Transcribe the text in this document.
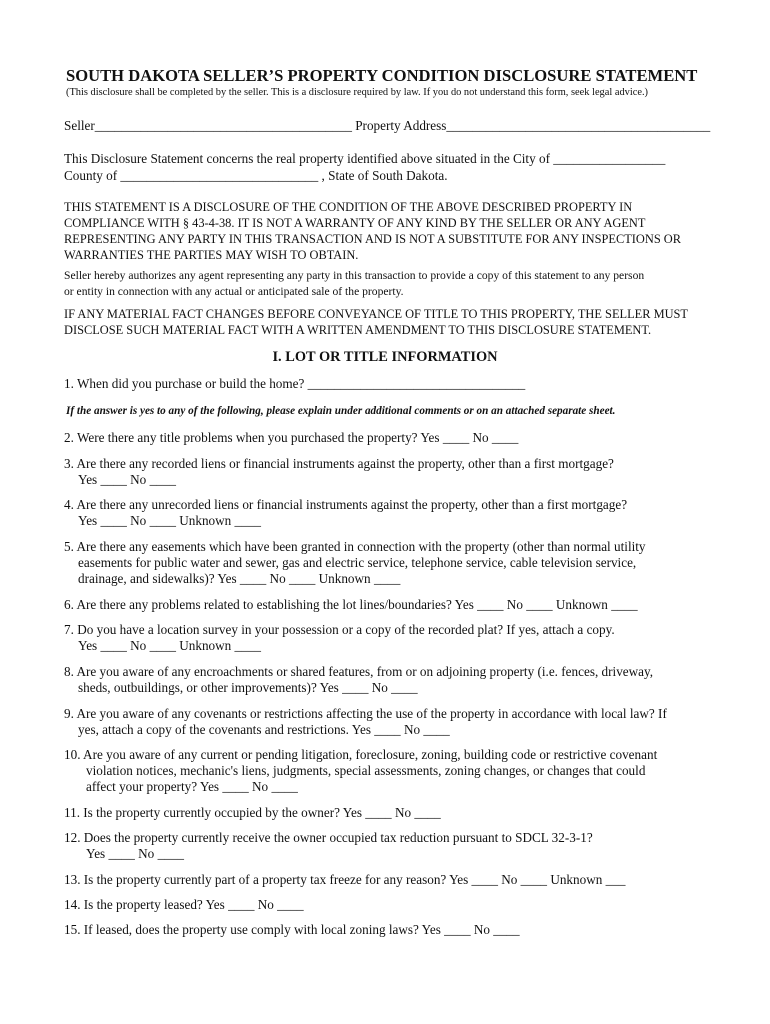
SOUTH DAKOTA SELLER’S PROPERTY CONDITION DISCLOSURE STATEMENT
(This disclosure shall be completed by the seller. This is a disclosure required by law. If you do not understand this form, seek legal advice.)
Seller_______________________________________ Property Address________________________________________
This Disclosure Statement concerns the real property identified above situated in the City of _________________
County of ______________________________ , State of South Dakota.
THIS STATEMENT IS A DISCLOSURE OF THE CONDITION OF THE ABOVE DESCRIBED PROPERTY IN
COMPLIANCE WITH § 43-4-38. IT IS NOT A WARRANTY OF ANY KIND BY THE SELLER OR ANY AGENT
REPRESENTING ANY PARTY IN THIS TRANSACTION AND IS NOT A SUBSTITUTE FOR ANY INSPECTIONS OR
WARRANTIES THE PARTIES MAY WISH TO OBTAIN.
Seller hereby authorizes any agent representing any party in this transaction to provide a copy of this statement to any person
or entity in connection with any actual or anticipated sale of the property.
IF ANY MATERIAL FACT CHANGES BEFORE CONVEYANCE OF TITLE TO THIS PROPERTY, THE SELLER MUST
DISCLOSE SUCH MATERIAL FACT WITH A WRITTEN AMENDMENT TO THIS DISCLOSURE STATEMENT.
I. LOT OR TITLE INFORMATION
1. When did you purchase or build the home? _________________________________
If the answer is yes to any of the following, please explain under additional comments or on an attached separate sheet.
2. Were there any title problems when you purchased the property? Yes ____ No ____
3. Are there any recorded liens or financial instruments against the property, other than a first mortgage?
Yes ____ No ____
4. Are there any unrecorded liens or financial instruments against the property, other than a first mortgage?
Yes ____ No ____ Unknown ____
5. Are there any easements which have been granted in connection with the property (other than normal utility
easements for public water and sewer, gas and electric service, telephone service, cable television service,
drainage, and sidewalks)? Yes ____ No ____ Unknown ____
6. Are there any problems related to establishing the lot lines/boundaries? Yes ____ No ____ Unknown ____
7. Do you have a location survey in your possession or a copy of the recorded plat? If yes, attach a copy.
Yes ____ No ____ Unknown ____
8. Are you aware of any encroachments or shared features, from or on adjoining property (i.e. fences, driveway,
sheds, outbuildings, or other improvements)? Yes ____ No ____
9. Are you aware of any covenants or restrictions affecting the use of the property in accordance with local law? If
yes, attach a copy of the covenants and restrictions. Yes ____ No ____
10. Are you aware of any current or pending litigation, foreclosure, zoning, building code or restrictive covenant
violation notices, mechanic's liens, judgments, special assessments, zoning changes, or changes that could
affect your property? Yes ____ No ____
11. Is the property currently occupied by the owner? Yes ____ No ____
12. Does the property currently receive the owner occupied tax reduction pursuant to SDCL 32-3-1?
Yes ____ No ____
13. Is the property currently part of a property tax freeze for any reason? Yes ____ No ____ Unknown ___
14. Is the property leased? Yes ____ No ____
15. If leased, does the property use comply with local zoning laws? Yes ____ No ____
